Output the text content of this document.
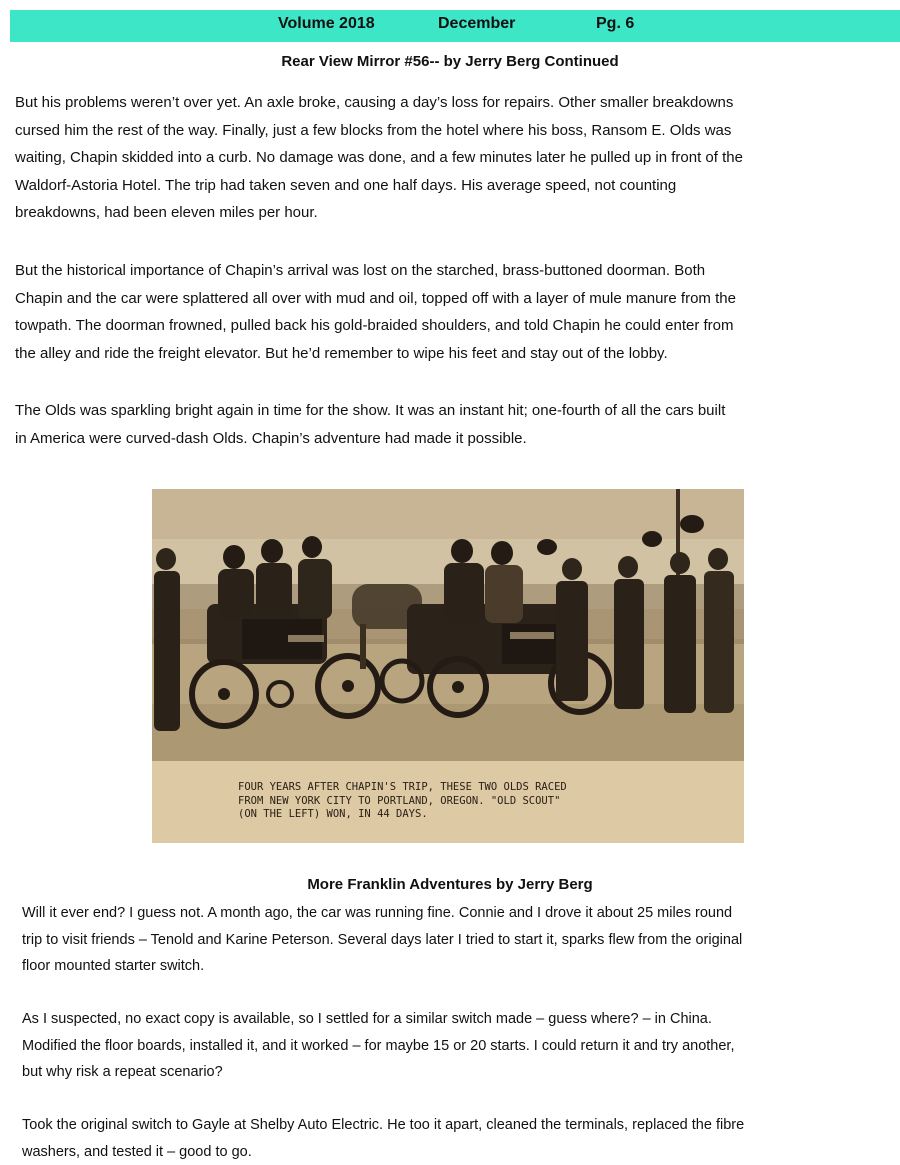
Volume 2018	December	Pg. 6
Rear View Mirror #56-- by Jerry Berg Continued

But his problems weren’t over yet. An axle broke, causing a day’s loss for repairs. Other smaller breakdowns
cursed him the rest of the way. Finally, just a few blocks from the hotel where his boss, Ransom E. Olds was
waiting, Chapin skidded into a curb. No damage was done, and a few minutes later he pulled up in front of the
Waldorf-Astoria Hotel. The trip had taken seven and one half days. His average speed, not counting
breakdowns, had been eleven miles per hour.

But the historical importance of Chapin’s arrival was lost on the starched, brass-buttoned doorman. Both
Chapin and the car were splattered all over with mud and oil, topped off with a layer of mule manure from the
towpath. The doorman frowned, pulled back his gold-braided shoulders, and told Chapin he could enter from
the alley and ride the freight elevator. But he’d remember to wipe his feet and stay out of the lobby.

The Olds was sparkling bright again in time for the show. It was an instant hit; one-fourth of all the cars built
in America were curved-dash Olds. Chapin’s adventure had made it possible.

FOUR YEARS AFTER CHAPIN'S TRIP, THESE TWO OLDS RACED
FROM NEW YORK CITY TO PORTLAND, OREGON. "OLD SCOUT"
(ON THE LEFT) WON, IN 44 DAYS.

More Franklin Adventures by Jerry Berg

Will it ever end? I guess not. A month ago, the car was running fine. Connie and I drove it about 25 miles round
trip to visit friends – Tenold and Karine Peterson. Several days later I tried to start it, sparks flew from the original
floor mounted starter switch.

As I suspected, no exact copy is available, so I settled for a similar switch made – guess where? – in China.
Modified the floor boards, installed it, and it worked – for maybe 15 or 20 starts. I could return it and try another,
but why risk a repeat scenario?

Took the original switch to Gayle at Shelby Auto Electric. He too it apart, cleaned the terminals, replaced the fibre
washers, and tested it – good to go.
